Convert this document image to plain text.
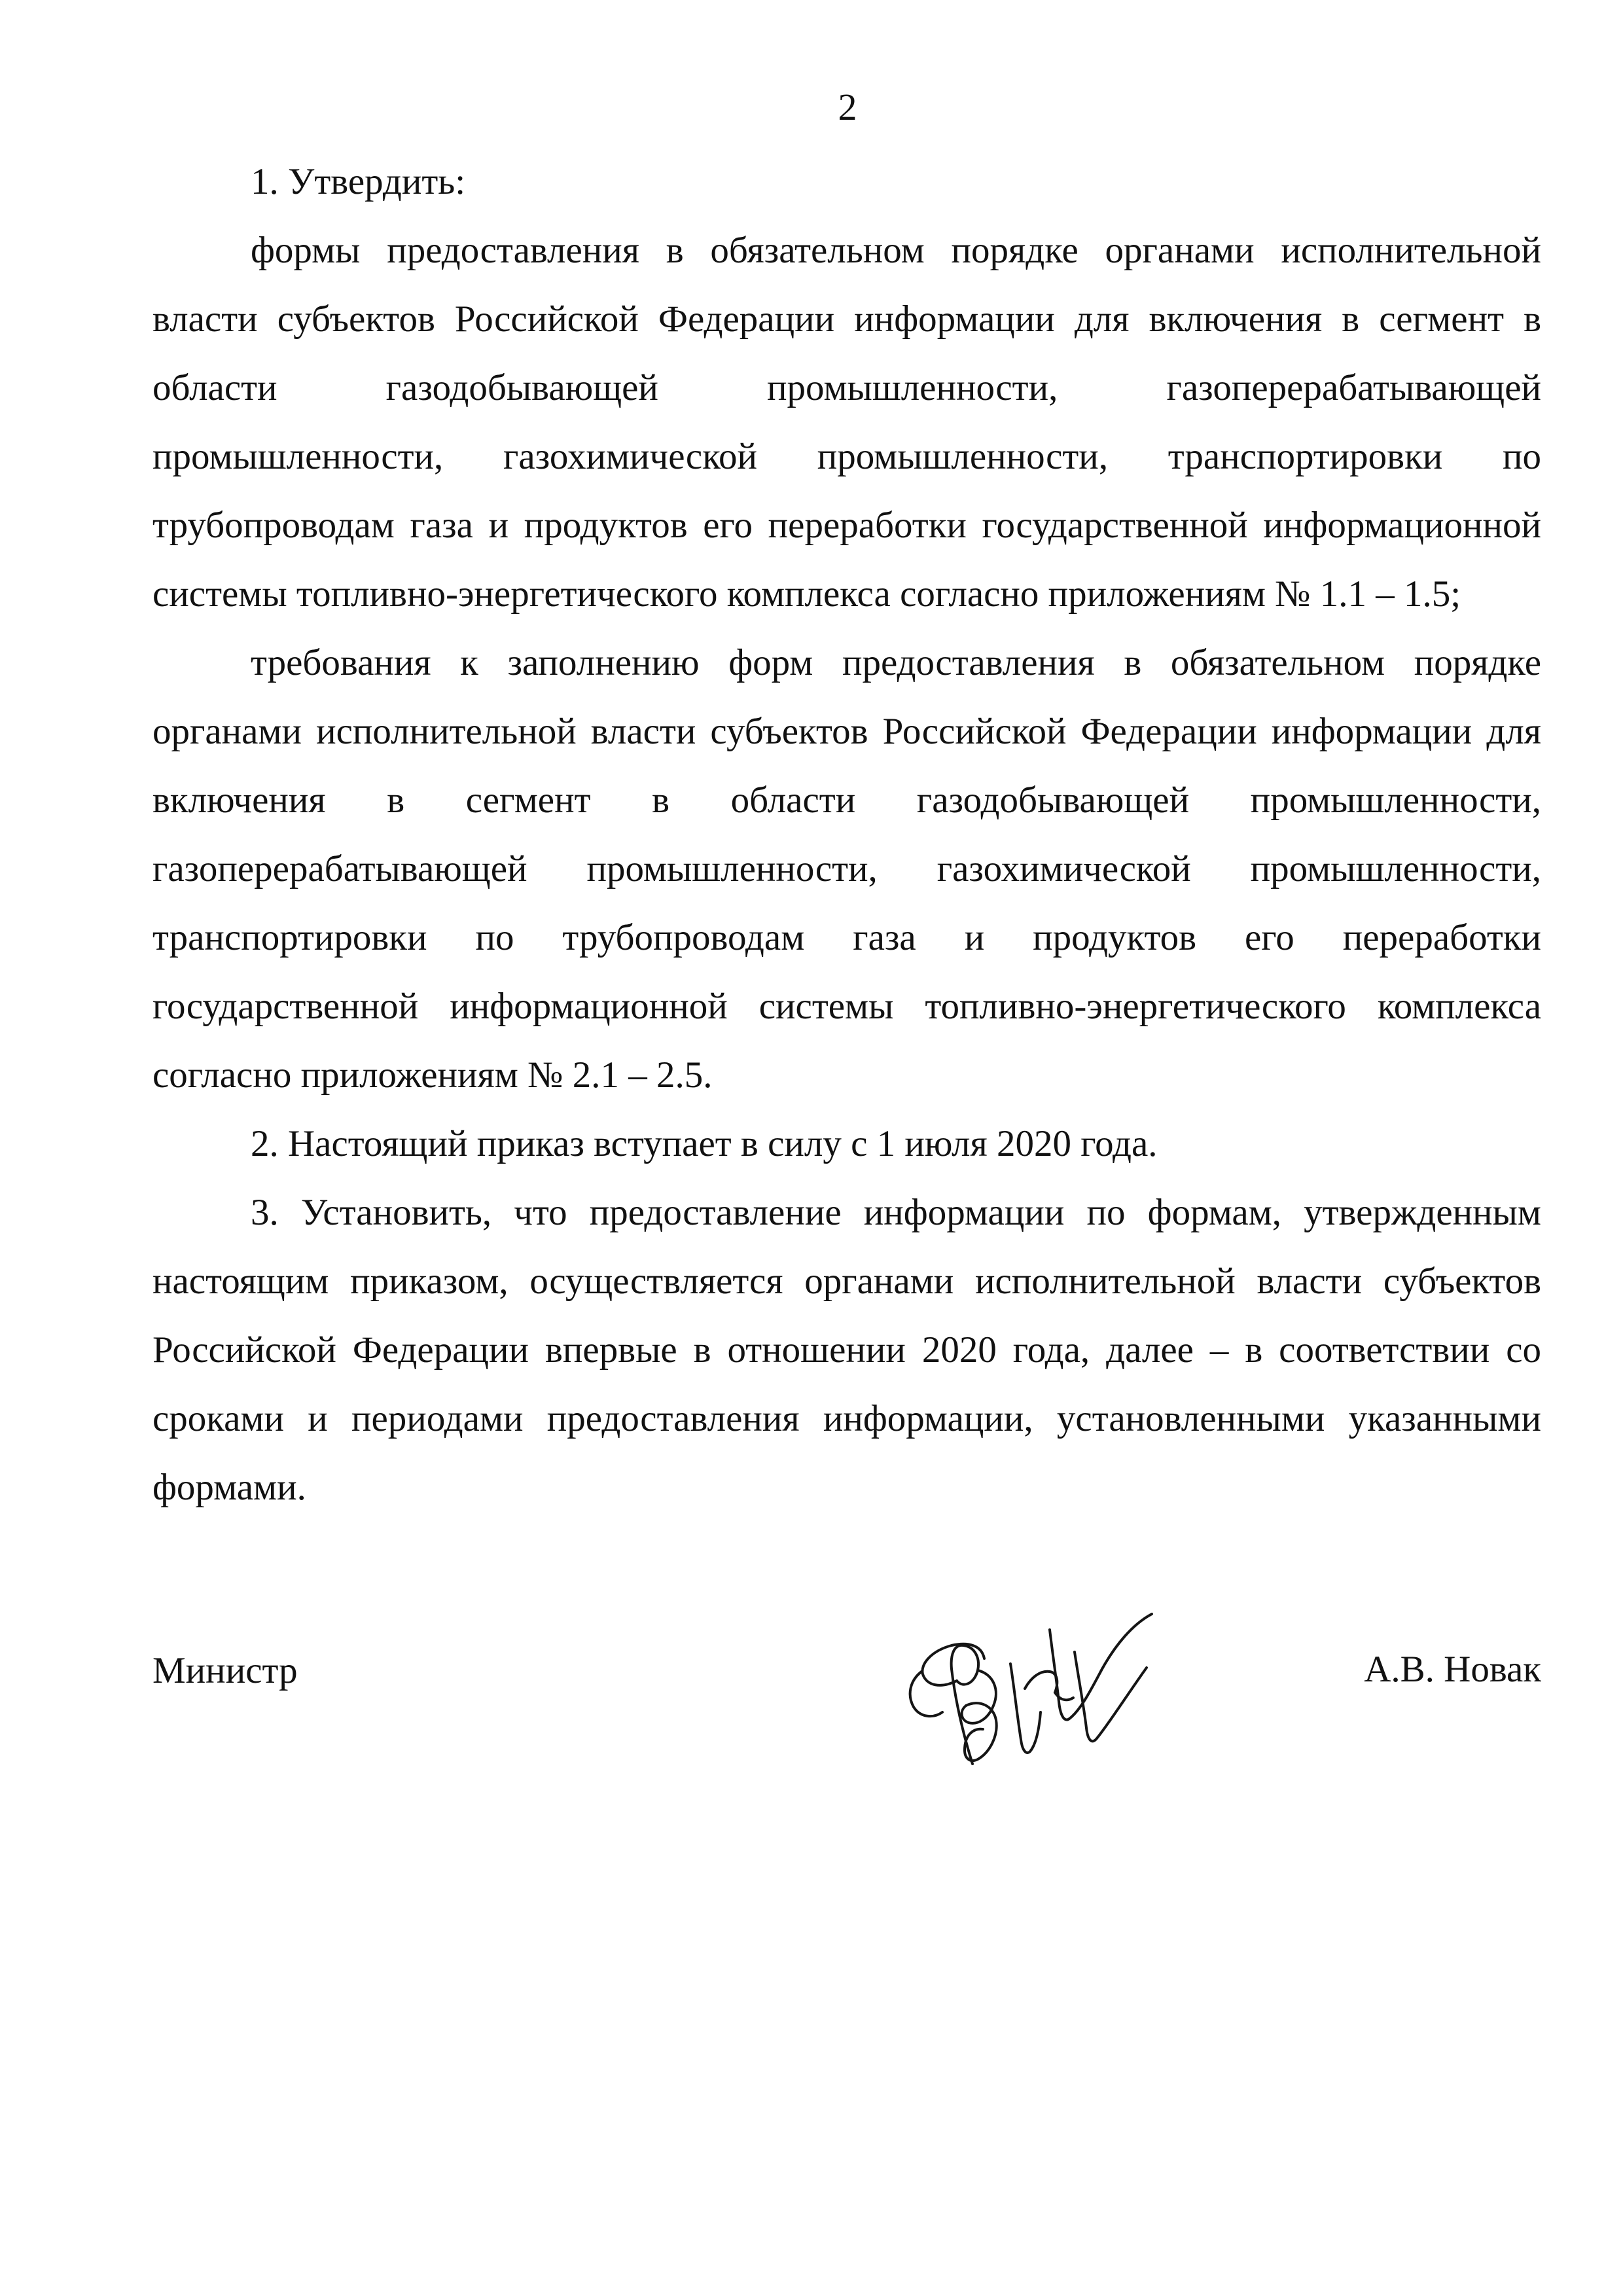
2

1. Утвердить:

формы предоставления в обязательном порядке органами исполнительной власти субъектов Российской Федерации информации для включения в сегмент в области газодобывающей промышленности, газоперерабатывающей промышленности, газохимической промышленности, транспортировки по трубопроводам газа и продуктов его переработки государственной информационной системы топливно-энергетического комплекса согласно приложениям № 1.1 – 1.5;

требования к заполнению форм предоставления в обязательном порядке органами исполнительной власти субъектов Российской Федерации информации для включения в сегмент в области газодобывающей промышленности, газоперерабатывающей промышленности, газохимической промышленности, транспортировки по трубопроводам газа и продуктов его переработки государственной информационной системы топливно-энергетического комплекса согласно приложениям № 2.1 – 2.5.

2. Настоящий приказ вступает в силу с 1 июля 2020 года.

3. Установить, что предоставление информации по формам, утвержденным настоящим приказом, осуществляется органами исполнительной власти субъектов Российской Федерации впервые в отношении 2020 года, далее – в соответствии со сроками и периодами предоставления информации, установленными указанными формами.

Министр	А.В. Новак
